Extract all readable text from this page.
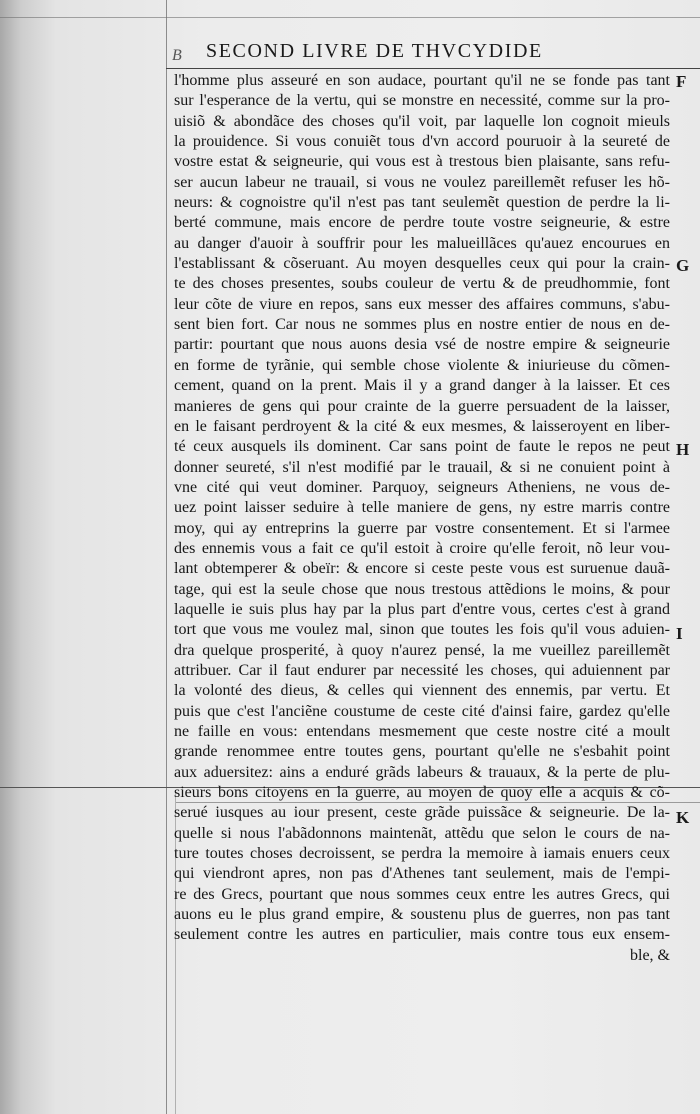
B SECOND LIVRE DE THVCYDIDE
l'homme plus asseuré en son audace, pourtant qu'il ne se fonde pas tant
sur l'esperance de la vertu, qui se monstre en necessité, comme sur la pro-
uisiõ & abondãce des choses qu'il voit, par laquelle lon cognoit mieuls
la prouidence. Si vous conuiẽt tous d'vn accord pouruoir à la seureté de
vostre estat & seigneurie, qui vous est à trestous bien plaisante, sans refu-
ser aucun labeur ne trauail, si vous ne voulez pareillemẽt refuser les hõ-
neurs: & cognoistre qu'il n'est pas tant seulemẽt question de perdre la li-
berté commune, mais encore de perdre toute vostre seigneurie, & estre
au danger d'auoir à souffrir pour les malueillãces qu'auez encourues en
l'establissant & cõseruant. Au moyen desquelles ceux qui pour la crain-
te des choses presentes, soubs couleur de vertu & de preudhommie, font
leur cõte de viure en repos, sans eux messer des affaires communs, s'abu-
sent bien fort. Car nous ne sommes plus en nostre entier de nous en de-
partir: pourtant que nous auons desia vsé de nostre empire & seigneurie
en forme de tyrãnie, qui semble chose violente & iniurieuse du cõmen-
cement, quand on la prent. Mais il y a grand danger à la laisser. Et ces
manieres de gens qui pour crainte de la guerre persuadent de la laisser,
en le faisant perdroyent & la cité & eux mesmes, & laisseroyent en liber-
té ceux ausquels ils dominent. Car sans point de faute le repos ne peut
donner seureté, s'il n'est modifié par le trauail, & si ne conuient point à
vne cité qui veut dominer. Parquoy, seigneurs Atheniens, ne vous de-
uez point laisser seduire à telle maniere de gens, ny estre marris contre
moy, qui ay entreprins la guerre par vostre consentement. Et si l'armee
des ennemis vous a fait ce qu'il estoit à croire qu'elle feroit, nõ leur vou-
lant obtemperer & obeïr: & encore si ceste peste vous est suruenue dauã-
tage, qui est la seule chose que nous trestous attẽdions le moins, & pour
laquelle ie suis plus hay par la plus part d'entre vous, certes c'est à grand
tort que vous me voulez mal, sinon que toutes les fois qu'il vous aduien-
dra quelque prosperité, à quoy n'aurez pensé, la me vueillez pareillemẽt
attribuer. Car il faut endurer par necessité les choses, qui aduiennent par
la volonté des dieus, & celles qui viennent des ennemis, par vertu. Et
puis que c'est l'anciẽne coustume de ceste cité d'ainsi faire, gardez qu'elle
ne faille en vous: entendans mesmement que ceste nostre cité a moult
grande renommee entre toutes gens, pourtant qu'elle ne s'esbahit point
aux aduersitez: ains a enduré grãds labeurs & trauaux, & la perte de plu-
sieurs bons citoyens en la guerre, au moyen de quoy elle a acquis & cõ-
serué iusques au iour present, ceste grãde puissãce & seigneurie. De la-
quelle si nous l'abãdonnons maintenãt, attẽdu que selon le cours de na-
ture toutes choses decroissent, se perdra la memoire à iamais enuers ceux
qui viendront apres, non pas d'Athenes tant seulement, mais de l'empi-
re des Grecs, pourtant que nous sommes ceux entre les autres Grecs, qui
auons eu le plus grand empire, & soustenu plus de guerres, non pas tant
seulement contre les autres en particulier, mais contre tous eux ensem-
ble, &
F
G
H
I
K
